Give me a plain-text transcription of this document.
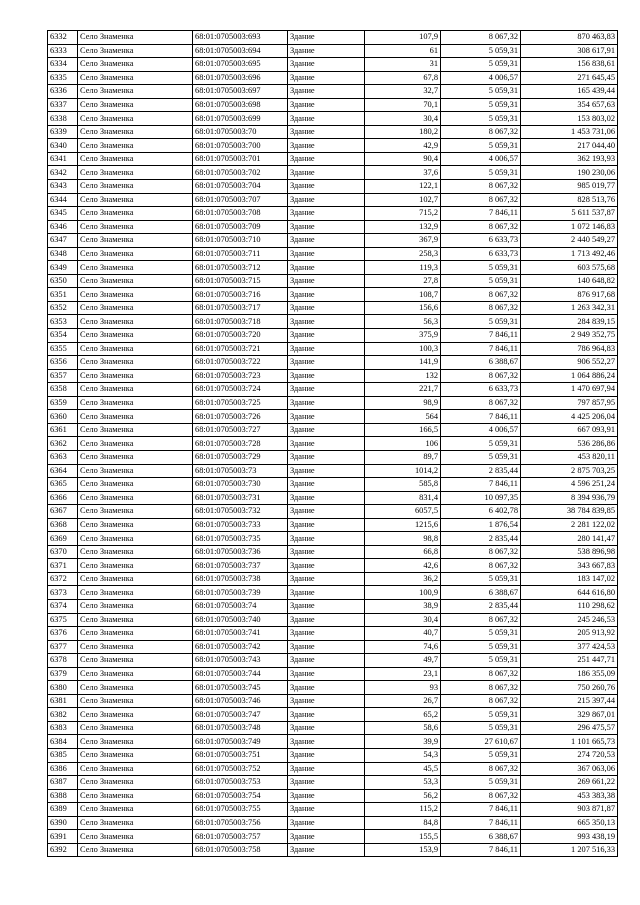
6332	Село Знаменка	68:01:0705003:693	Здание	107,9	8 067,32	870 463,83
6333	Село Знаменка	68:01:0705003:694	Здание	61	5 059,31	308 617,91
6334	Село Знаменка	68:01:0705003:695	Здание	31	5 059,31	156 838,61
6335	Село Знаменка	68:01:0705003:696	Здание	67,8	4 006,57	271 645,45
6336	Село Знаменка	68:01:0705003:697	Здание	32,7	5 059,31	165 439,44
6337	Село Знаменка	68:01:0705003:698	Здание	70,1	5 059,31	354 657,63
6338	Село Знаменка	68:01:0705003:699	Здание	30,4	5 059,31	153 803,02
6339	Село Знаменка	68:01:0705003:70	Здание	180,2	8 067,32	1 453 731,06
6340	Село Знаменка	68:01:0705003:700	Здание	42,9	5 059,31	217 044,40
6341	Село Знаменка	68:01:0705003:701	Здание	90,4	4 006,57	362 193,93
6342	Село Знаменка	68:01:0705003:702	Здание	37,6	5 059,31	190 230,06
6343	Село Знаменка	68:01:0705003:704	Здание	122,1	8 067,32	985 019,77
6344	Село Знаменка	68:01:0705003:707	Здание	102,7	8 067,32	828 513,76
6345	Село Знаменка	68:01:0705003:708	Здание	715,2	7 846,11	5 611 537,87
6346	Село Знаменка	68:01:0705003:709	Здание	132,9	8 067,32	1 072 146,83
6347	Село Знаменка	68:01:0705003:710	Здание	367,9	6 633,73	2 440 549,27
6348	Село Знаменка	68:01:0705003:711	Здание	258,3	6 633,73	1 713 492,46
6349	Село Знаменка	68:01:0705003:712	Здание	119,3	5 059,31	603 575,68
6350	Село Знаменка	68:01:0705003:715	Здание	27,8	5 059,31	140 648,82
6351	Село Знаменка	68:01:0705003:716	Здание	108,7	8 067,32	876 917,68
6352	Село Знаменка	68:01:0705003:717	Здание	156,6	8 067,32	1 263 342,31
6353	Село Знаменка	68:01:0705003:718	Здание	56,3	5 059,31	284 839,15
6354	Село Знаменка	68:01:0705003:720	Здание	375,9	7 846,11	2 949 352,75
6355	Село Знаменка	68:01:0705003:721	Здание	100,3	7 846,11	786 964,83
6356	Село Знаменка	68:01:0705003:722	Здание	141,9	6 388,67	906 552,27
6357	Село Знаменка	68:01:0705003:723	Здание	132	8 067,32	1 064 886,24
6358	Село Знаменка	68:01:0705003:724	Здание	221,7	6 633,73	1 470 697,94
6359	Село Знаменка	68:01:0705003:725	Здание	98,9	8 067,32	797 857,95
6360	Село Знаменка	68:01:0705003:726	Здание	564	7 846,11	4 425 206,04
6361	Село Знаменка	68:01:0705003:727	Здание	166,5	4 006,57	667 093,91
6362	Село Знаменка	68:01:0705003:728	Здание	106	5 059,31	536 286,86
6363	Село Знаменка	68:01:0705003:729	Здание	89,7	5 059,31	453 820,11
6364	Село Знаменка	68:01:0705003:73	Здание	1014,2	2 835,44	2 875 703,25
6365	Село Знаменка	68:01:0705003:730	Здание	585,8	7 846,11	4 596 251,24
6366	Село Знаменка	68:01:0705003:731	Здание	831,4	10 097,35	8 394 936,79
6367	Село Знаменка	68:01:0705003:732	Здание	6057,5	6 402,78	38 784 839,85
6368	Село Знаменка	68:01:0705003:733	Здание	1215,6	1 876,54	2 281 122,02
6369	Село Знаменка	68:01:0705003:735	Здание	98,8	2 835,44	280 141,47
6370	Село Знаменка	68:01:0705003:736	Здание	66,8	8 067,32	538 896,98
6371	Село Знаменка	68:01:0705003:737	Здание	42,6	8 067,32	343 667,83
6372	Село Знаменка	68:01:0705003:738	Здание	36,2	5 059,31	183 147,02
6373	Село Знаменка	68:01:0705003:739	Здание	100,9	6 388,67	644 616,80
6374	Село Знаменка	68:01:0705003:74	Здание	38,9	2 835,44	110 298,62
6375	Село Знаменка	68:01:0705003:740	Здание	30,4	8 067,32	245 246,53
6376	Село Знаменка	68:01:0705003:741	Здание	40,7	5 059,31	205 913,92
6377	Село Знаменка	68:01:0705003:742	Здание	74,6	5 059,31	377 424,53
6378	Село Знаменка	68:01:0705003:743	Здание	49,7	5 059,31	251 447,71
6379	Село Знаменка	68:01:0705003:744	Здание	23,1	8 067,32	186 355,09
6380	Село Знаменка	68:01:0705003:745	Здание	93	8 067,32	750 260,76
6381	Село Знаменка	68:01:0705003:746	Здание	26,7	8 067,32	215 397,44
6382	Село Знаменка	68:01:0705003:747	Здание	65,2	5 059,31	329 867,01
6383	Село Знаменка	68:01:0705003:748	Здание	58,6	5 059,31	296 475,57
6384	Село Знаменка	68:01:0705003:749	Здание	39,9	27 610,67	1 101 665,73
6385	Село Знаменка	68:01:0705003:751	Здание	54,3	5 059,31	274 720,53
6386	Село Знаменка	68:01:0705003:752	Здание	45,5	8 067,32	367 063,06
6387	Село Знаменка	68:01:0705003:753	Здание	53,3	5 059,31	269 661,22
6388	Село Знаменка	68:01:0705003:754	Здание	56,2	8 067,32	453 383,38
6389	Село Знаменка	68:01:0705003:755	Здание	115,2	7 846,11	903 871,87
6390	Село Знаменка	68:01:0705003:756	Здание	84,8	7 846,11	665 350,13
6391	Село Знаменка	68:01:0705003:757	Здание	155,5	6 388,67	993 438,19
6392	Село Знаменка	68:01:0705003:758	Здание	153,9	7 846,11	1 207 516,33
